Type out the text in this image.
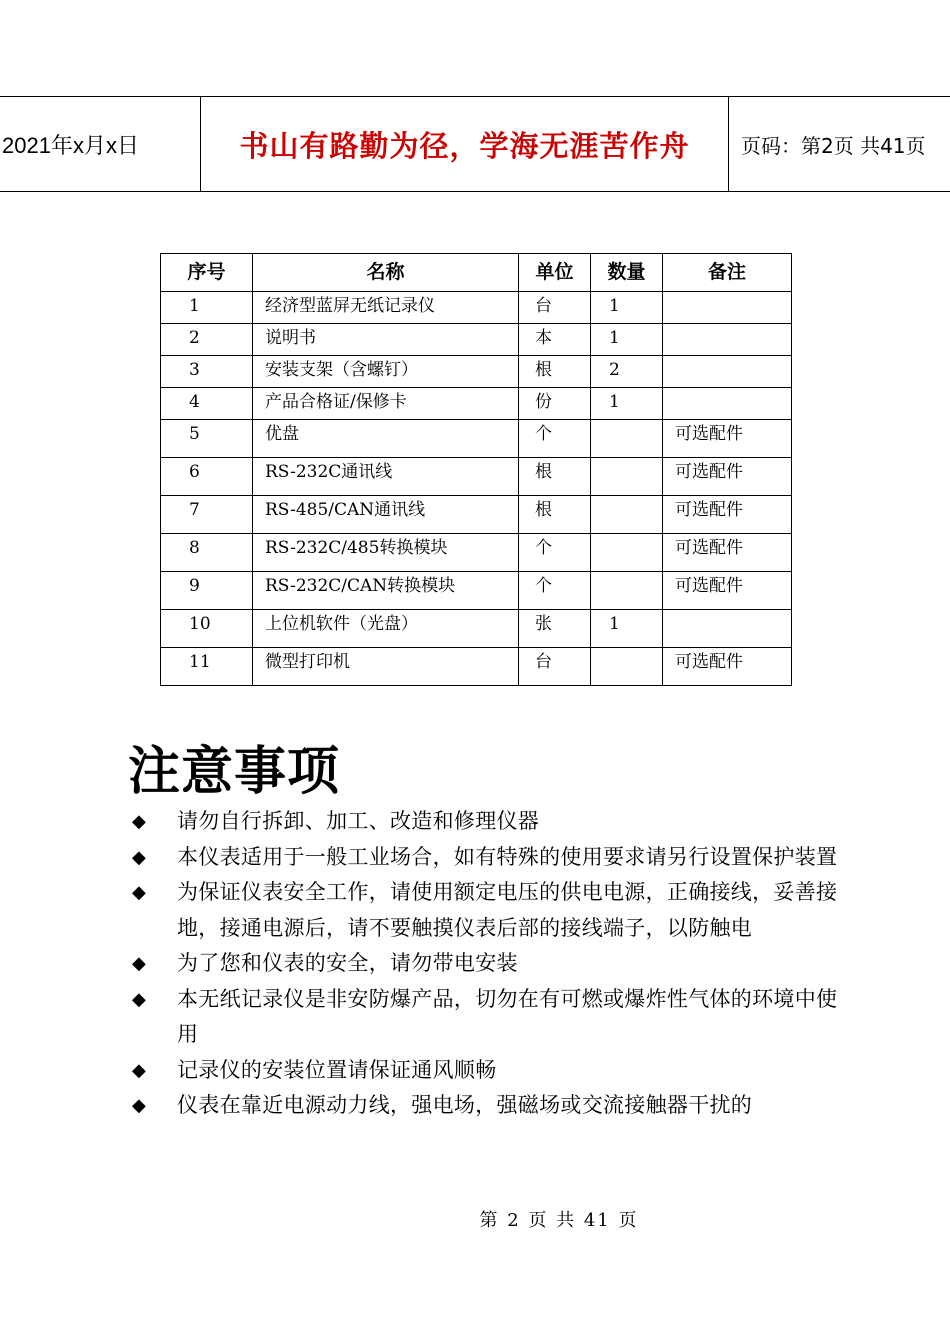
2021年x月x日	书山有路勤为径，学海无涯苦作舟	页码：第2页 共41页
序号	名称	单位	数量	备注
1	经济型蓝屏无纸记录仪	台	1	
2	说明书	本	1	
3	安装支架（含螺钉）	根	2	
4	产品合格证/保修卡	份	1	
5	优盘	个		可选配件
6	RS-232C通讯线	根		可选配件
7	RS-485/CAN通讯线	根		可选配件
8	RS-232C/485转换模块	个		可选配件
9	RS-232C/CAN转换模块	个		可选配件
10	上位机软件（光盘）	张	1	
11	微型打印机	台		可选配件
注意事项
◆ 请勿自行拆卸、加工、改造和修理仪器
◆ 本仪表适用于一般工业场合，如有特殊的使用要求请另行设置保护装置
◆ 为保证仪表安全工作，请使用额定电压的供电电源，正确接线，妥善接地，接通电源后，请不要触摸仪表后部的接线端子，以防触电
◆ 为了您和仪表的安全，请勿带电安装
◆ 本无纸记录仪是非安防爆产品，切勿在有可燃或爆炸性气体的环境中使用
◆ 记录仪的安装位置请保证通风顺畅
◆ 仪表在靠近电源动力线，强电场，强磁场或交流接触器干扰的
第 2 页 共 41 页
